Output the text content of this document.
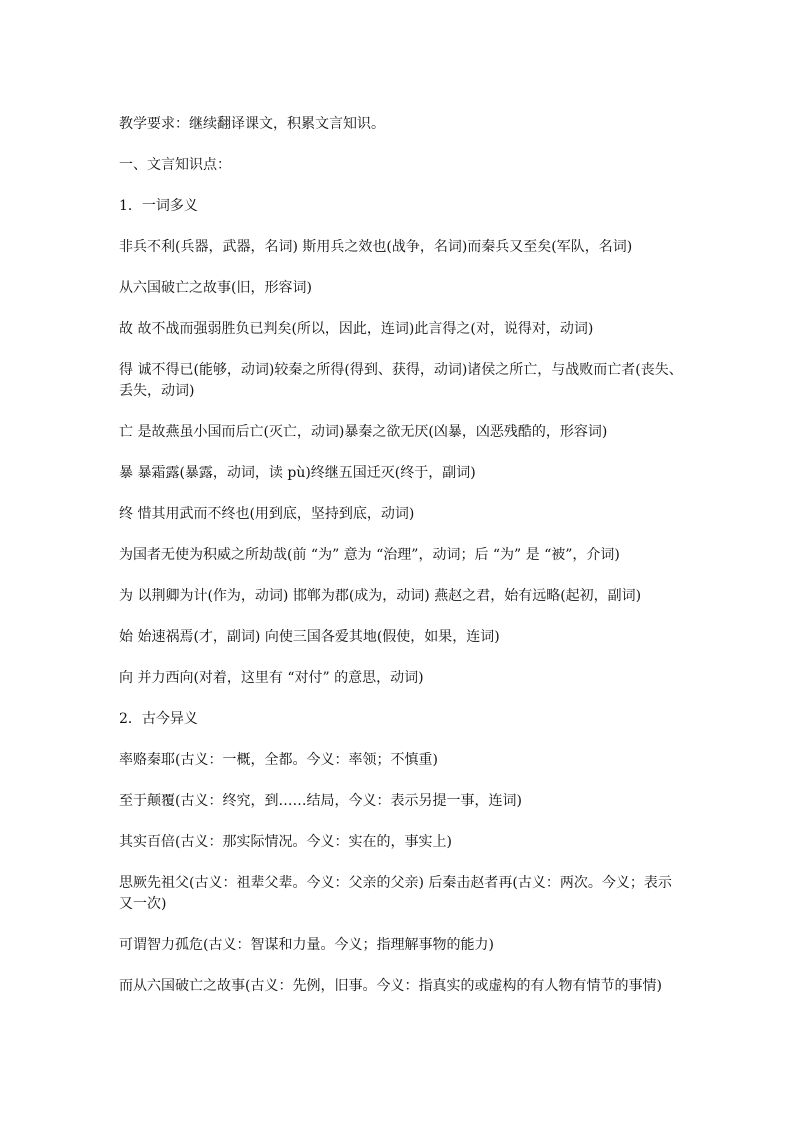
教学要求：继续翻译课文，积累文言知识。

一、文言知识点：

1．一词多义

非兵不利(兵器，武器，名词) 斯用兵之效也(战争，名词)而秦兵又至矣(军队，名词)

从六国破亡之故事(旧，形容词)

故 故不战而强弱胜负已判矣(所以，因此，连词)此言得之(对，说得对，动词)

得 诚不得已(能够，动词)较秦之所得(得到、获得，动词)诸侯之所亡，与战败而亡者(丧失、丢失，动词)

亡 是故燕虽小国而后亡(灭亡，动词)暴秦之欲无厌(凶暴，凶恶残酷的，形容词)

暴 暴霜露(暴露，动词，读 pù)终继五国迁灭(终于，副词)

终 惜其用武而不终也(用到底，坚持到底，动词)

为国者无使为积威之所劫哉(前 “为” 意为 “治理”，动词；后 “为” 是 “被”，介词)

为 以荆卿为计(作为，动词) 邯郸为郡(成为，动词) 燕赵之君，始有远略(起初，副词)

始 始速祸焉(才，副词) 向使三国各爱其地(假使，如果，连词)

向 并力西向(对着，这里有 “对付” 的意思，动词)

2．古今异义

率赂秦耶(古义：一概，全都。今义：率领；不慎重)

至于颠覆(古义：终究，到……结局，今义：表示另提一事，连词)

其实百倍(古义：那实际情况。今义：实在的，事实上)

思厥先祖父(古义：祖辈父辈。今义：父亲的父亲) 后秦击赵者再(古义：两次。今义；表示又一次)

可谓智力孤危(古义：智谋和力量。今义；指理解事物的能力)

而从六国破亡之故事(古义：先例，旧事。今义：指真实的或虚构的有人物有情节的事情)
